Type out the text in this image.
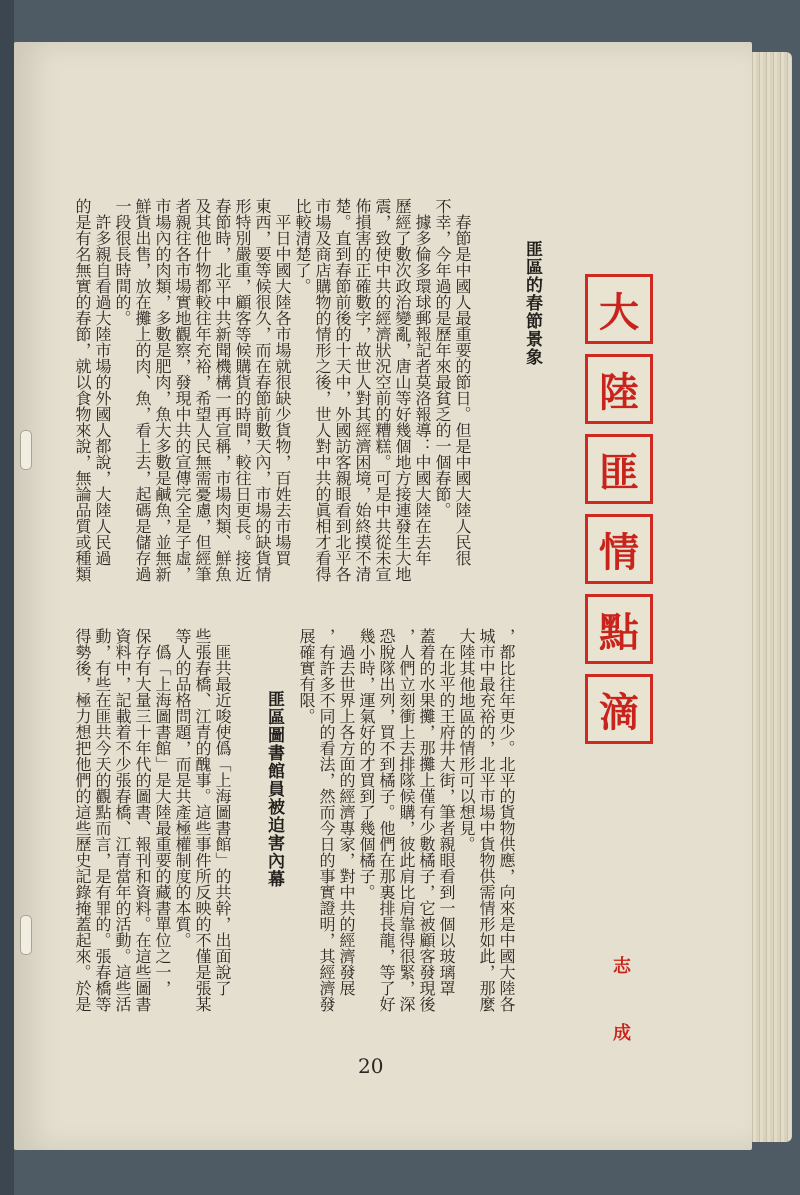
大
陸
匪
情
點
滴
志 成
匪區的春節景象
　春節是中國人最重要的節日。但是中國大陸人民很
不幸，今年過的是歷年來最貧乏的一個春節。
　據多倫多環球郵報記者莫洛報導：中國大陸在去年
歷經了數次政治變亂，唐山等好幾個地方接連發生大地
震，致使中共的經濟狀況空前的糟糕。可是中共從未宣
佈損害的正確數字，故世人對其經濟困境，始終摸不清
楚。直到春節前後的十天中，外國訪客親眼看到北平各
市場及商店購物的情形之後，世人對中共的眞相才看得
比較清楚了。
　平日中國大陸各市場就很缺少貨物，百姓去市場買
東西，要等候很久，而在春節前數天內，市場的缺貨情
形特別嚴重，顧客等候購貨的時間，較往日更長。接近
春節時，北平中共新聞機構一再宣稱，市場肉類、鮮魚
及其他什物都較往年充裕，希望人民無需憂慮，但經筆
者親往各市場實地觀察，發現中共的宣傳完全是子虛，
市場內的肉類，多數是肥肉，魚大多數是鹹魚，並無新
鮮貨出售，放在攤上的肉、魚，看上去，起碼是儲存過
一段很長時間的。
　許多親自看過大陸市場的外國人都說，大陸人民過
的是有名無實的春節，就以食物來說，無論品質或種類
，都比往年更少。北平的貨物供應，向來是中國大陸各
城市中最充裕的，北平市場中貨物供需情形如此，那麼
大陸其他地區的情形可以想見。
　在北平的王府井大街，筆者親眼看到一個以玻璃罩
蓋着的水果攤，那攤上僅有少數橘子，它被顧客發現後
，人們立刻衝上去排隊候購，彼此肩比肩靠得很緊，深
恐脫隊出列，買不到橘子。他們在那裏排長龍，等了好
幾小時，運氣好的才買到了幾個橘子。
　過去世界上各方面的經濟專家，對中共的經濟發展
，有許多不同的看法，然而今日的事實證明，其經濟發
展確實有限。
匪區圖書館員被迫害內幕
　匪共最近唆使僞「上海圖書館」的共幹，出面說了
些張春橋、江青的醜事。這些事件所反映的不僅是張某
等人的品格問題，而是共產極權制度的本質。
　僞「上海圖書館」是大陸最重要的藏書單位之一，
保存有大量三十年代的圖書、報刊和資料。在這些圖書
資料中，記載着不少張春橋、江青當年的活動。這些活
動，有些在匪共今天的觀點而言，是有罪的。張春橋等
得勢後，極力想把他們的這些歷史記錄掩蓋起來。於是
20
